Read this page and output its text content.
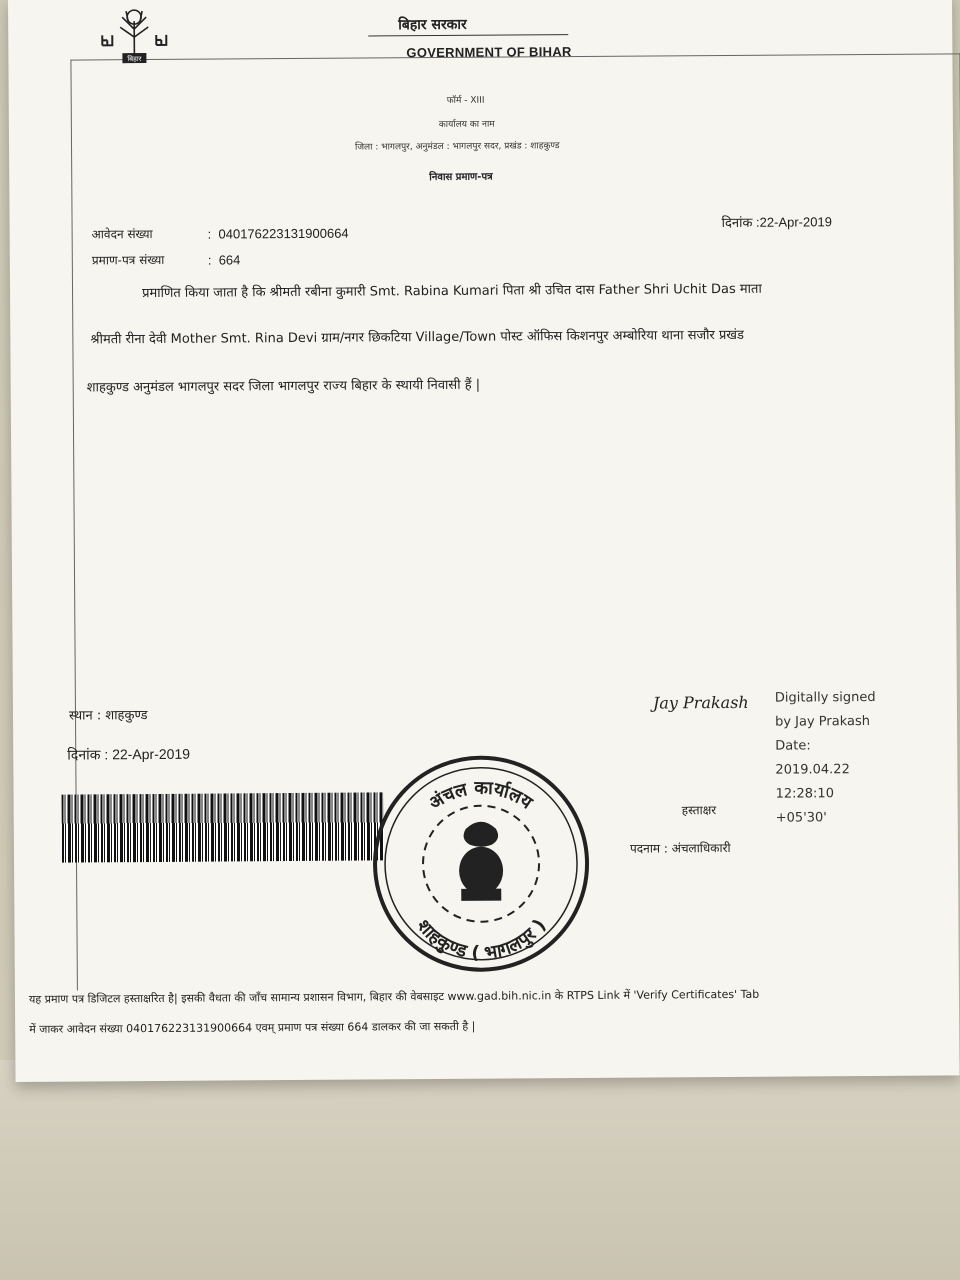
बिहार
बिहार सरकार
GOVERNMENT OF BIHAR
फॉर्म - XIII
कार्यालय का नाम
जिला : भागलपुर, अनुमंडल : भागलपुर सदर, प्रखंड : शाहकुण्ड
निवास प्रमाण-पत्र
आवेदन संख्या	:  040176223131900664
प्रमाण-पत्र संख्या	:  664
दिनांक :22-Apr-2019
प्रमाणित किया जाता है कि श्रीमती रबीना कुमारी Smt. Rabina Kumari पिता श्री उचित दास Father Shri Uchit Das माता
श्रीमती रीना देवी Mother Smt. Rina Devi ग्राम/नगर छिकटिया Village/Town पोस्ट ऑफिस किशनपुर अम्बोरिया थाना सजौर प्रखंड
शाहकुण्ड अनुमंडल भागलपुर सदर जिला भागलपुर राज्य बिहार के स्थायी निवासी हैं |
स्थान : शाहकुण्ड
दिनांक : 22-Apr-2019
अंचल कार्यालय
शाहकुण्ड ( भागलपुर )
Jay Prakash Digitally signed
by Jay Prakash
Date:
2019.04.22
12:28:10
+05'30'
हस्ताक्षर
पदनाम : अंचलाधिकारी
यह प्रमाण पत्र डिजिटल हस्ताक्षरित है| इसकी वैधता की जाँच सामान्य प्रशासन विभाग, बिहार की वेबसाइट www.gad.bih.nic.in के RTPS Link में 'Verify Certificates' Tab
में जाकर आवेदन संख्या 040176223131900664 एवम् प्रमाण पत्र संख्या 664 डालकर की जा सकती है |
